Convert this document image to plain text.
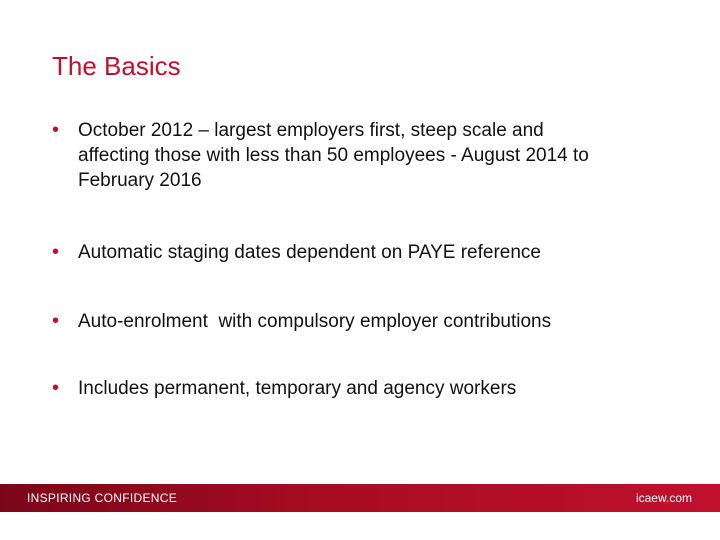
The Basics
• October 2012 – largest employers first, steep scale and
affecting those with less than 50 employees - August 2014 to
February 2016
• Automatic staging dates dependent on PAYE reference
• Auto-enrolment  with compulsory employer contributions
• Includes permanent, temporary and agency workers
INSPIRING CONFIDENCE	icaew.com
